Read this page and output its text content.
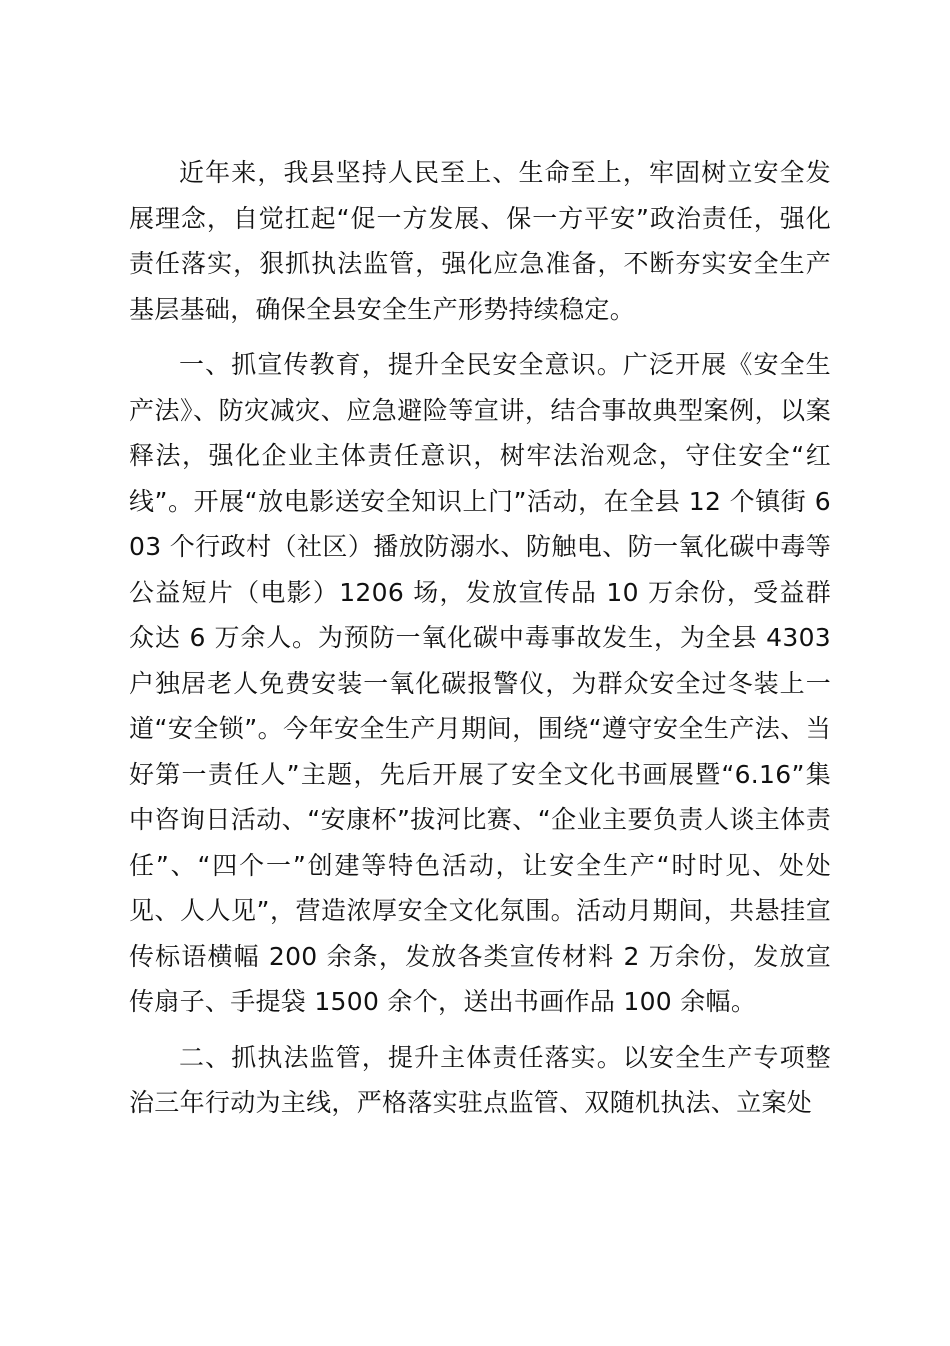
近年来，我县坚持人民至上、生命至上，牢固树立安全发展理念，自觉扛起“促一方发展、保一方平安”政治责任，强化责任落实，狠抓执法监管，强化应急准备，不断夯实安全生产基层基础，确保全县安全生产形势持续稳定。

一、抓宣传教育，提升全民安全意识。广泛开展《安全生产法》、防灾减灾、应急避险等宣讲，结合事故典型案例，以案释法，强化企业主体责任意识，树牢法治观念，守住安全“红线”。开展“放电影送安全知识上门”活动，在全县 12 个镇街 603 个行政村（社区）播放防溺水、防触电、防一氧化碳中毒等公益短片（电影）1206 场，发放宣传品 10 万余份，受益群众达 6 万余人。为预防一氧化碳中毒事故发生，为全县 4303 户独居老人免费安装一氧化碳报警仪，为群众安全过冬装上一道“安全锁”。今年安全生产月期间，围绕“遵守安全生产法、当好第一责任人”主题，先后开展了安全文化书画展暨“6.16”集中咨询日活动、“安康杯”拔河比赛、“企业主要负责人谈主体责任”、“四个一”创建等特色活动，让安全生产“时时见、处处见、人人见”，营造浓厚安全文化氛围。活动月期间，共悬挂宣传标语横幅 200 余条，发放各类宣传材料 2 万余份，发放宣传扇子、手提袋 1500 余个，送出书画作品 100 余幅。

二、抓执法监管，提升主体责任落实。以安全生产专项整治三年行动为主线，严格落实驻点监管、双随机执法、立案处
